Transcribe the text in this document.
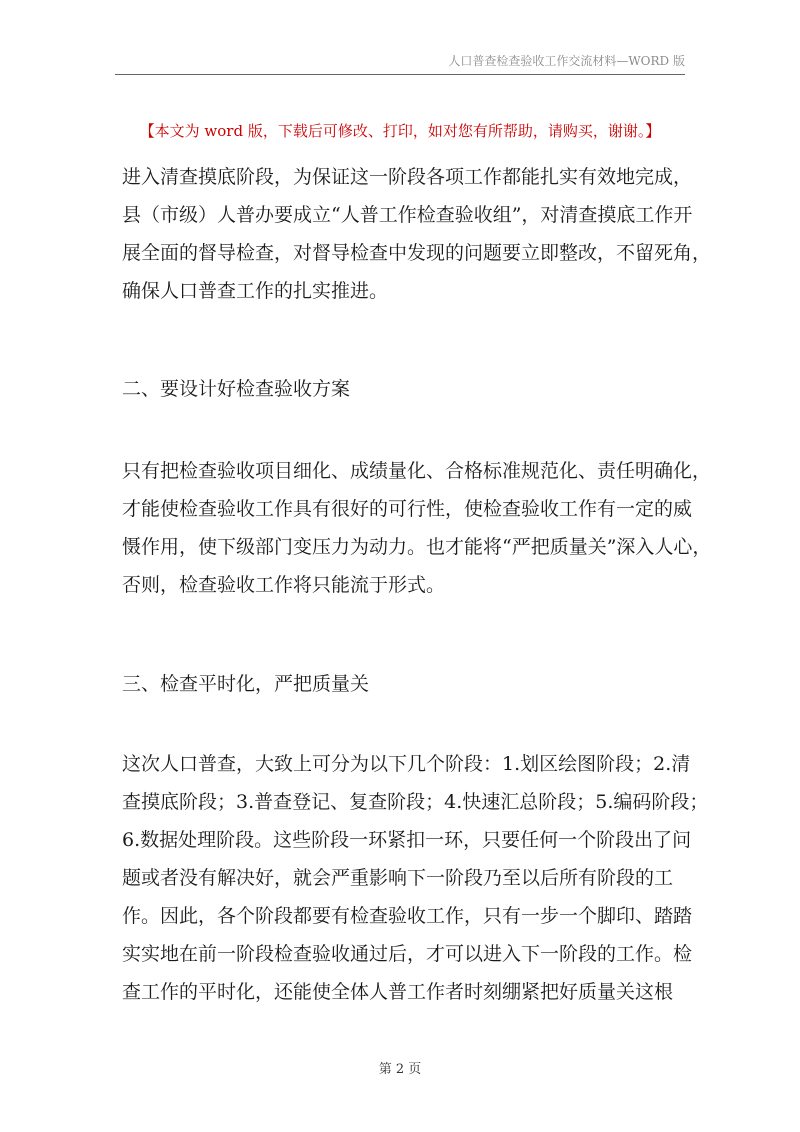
人口普查检查验收工作交流材料—WORD 版
【本文为 word 版，下载后可修改、打印，如对您有所帮助，请购买，谢谢。】
进入清查摸底阶段，为保证这一阶段各项工作都能扎实有效地完成，
县（市级）人普办要成立“人普工作检查验收组”，对清查摸底工作开
展全面的督导检查，对督导检查中发现的问题要立即整改，不留死角，
确保人口普查工作的扎实推进。
二、要设计好检查验收方案
只有把检查验收项目细化、成绩量化、合格标准规范化、责任明确化，
才能使检查验收工作具有很好的可行性，使检查验收工作有一定的威
慑作用，使下级部门变压力为动力。也才能将“严把质量关”深入人心，
否则，检查验收工作将只能流于形式。
三、检查平时化，严把质量关
这次人口普查，大致上可分为以下几个阶段：1.划区绘图阶段；2.清
查摸底阶段；3.普查登记、复查阶段；4.快速汇总阶段；5.编码阶段；
6.数据处理阶段。这些阶段一环紧扣一环，只要任何一个阶段出了问
题或者没有解决好，就会严重影响下一阶段乃至以后所有阶段的工
作。因此，各个阶段都要有检查验收工作，只有一步一个脚印、踏踏
实实地在前一阶段检查验收通过后，才可以进入下一阶段的工作。检
查工作的平时化，还能使全体人普工作者时刻绷紧把好质量关这根
第 2 页
